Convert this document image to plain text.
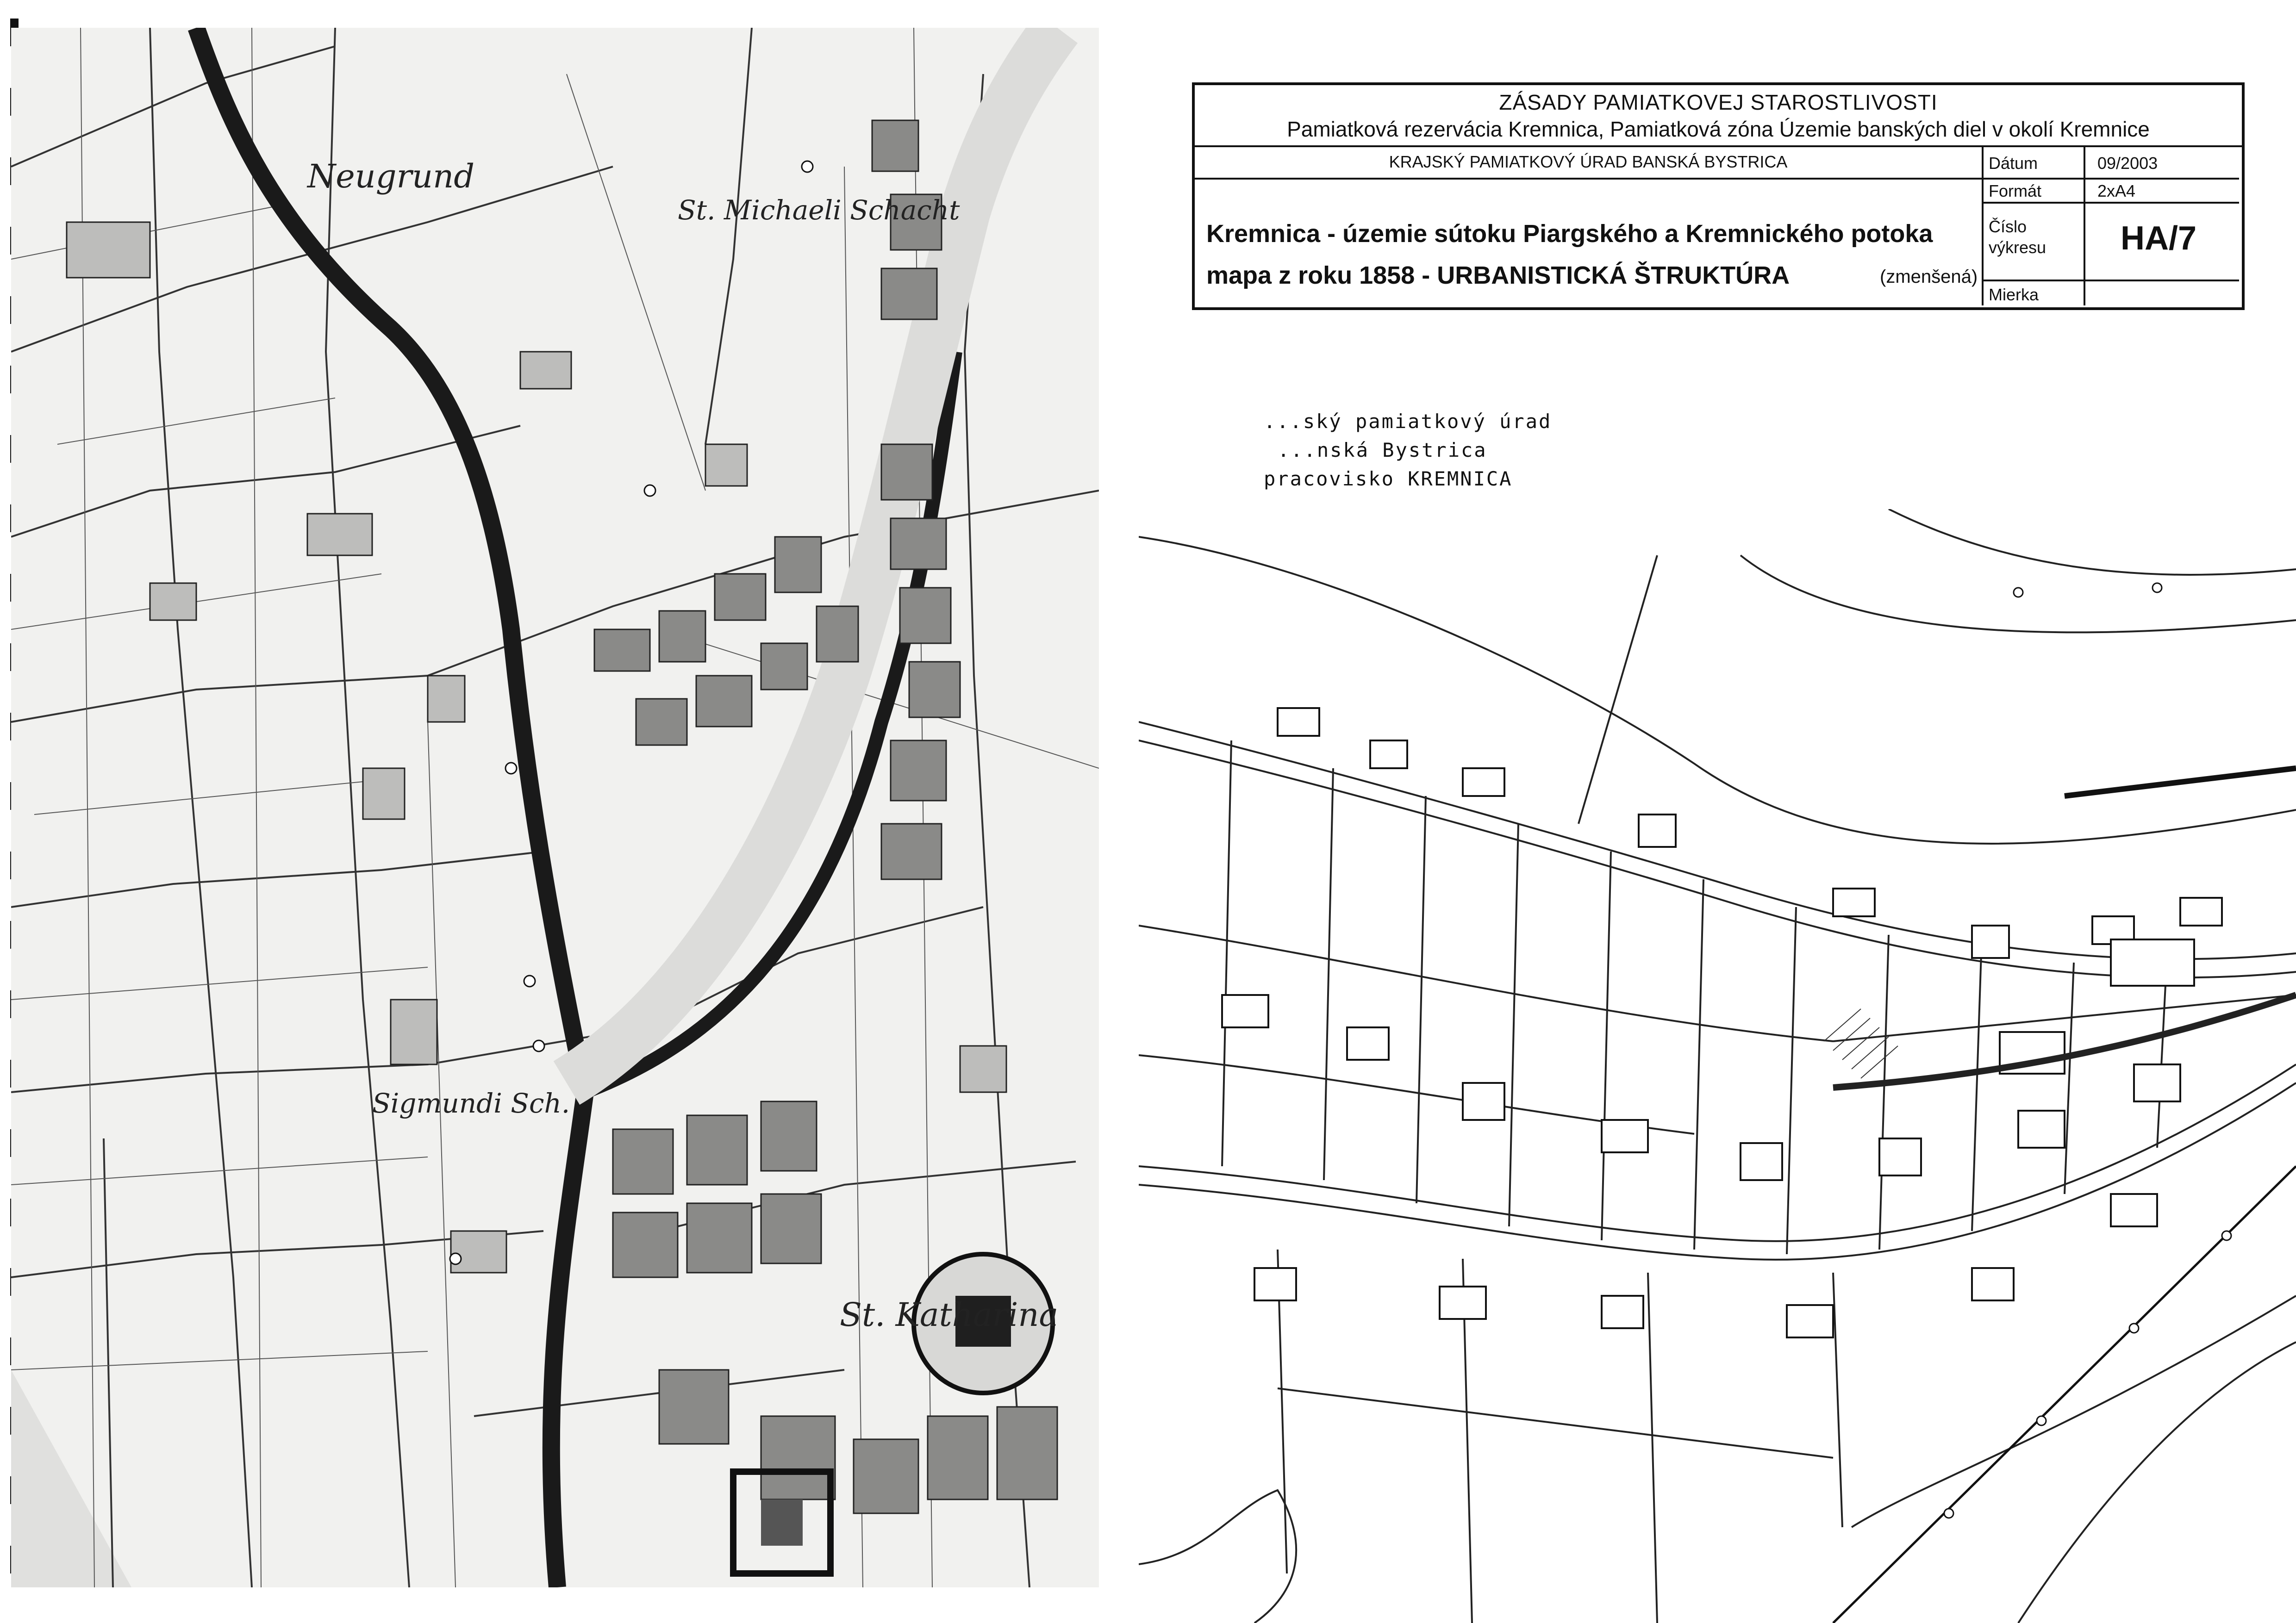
Neugrund
St. Michaeli Schacht
St. Katharina
Sigmundi Sch.
ZÁSADY PAMIATKOVEJ STAROSTLIVOSTI
Pamiatková rezervácia Kremnica, Pamiatková zóna Územie banských diel v okolí Kremnice
KRAJSKÝ PAMIATKOVÝ ÚRAD BANSKÁ BYSTRICA	Dátum	09/2003
Formát	2xA4
Kremnica - územie sútoku Piargského a Kremnického potoka
mapa z roku 1858 - URBANISTICKÁ ŠTRUKTÚRA	(zmenšená)
Číslo
výkresu HA/7
Mierka
...ský pamiatkový úrad
...nská Bystrica
pracovisko KREMNICA
